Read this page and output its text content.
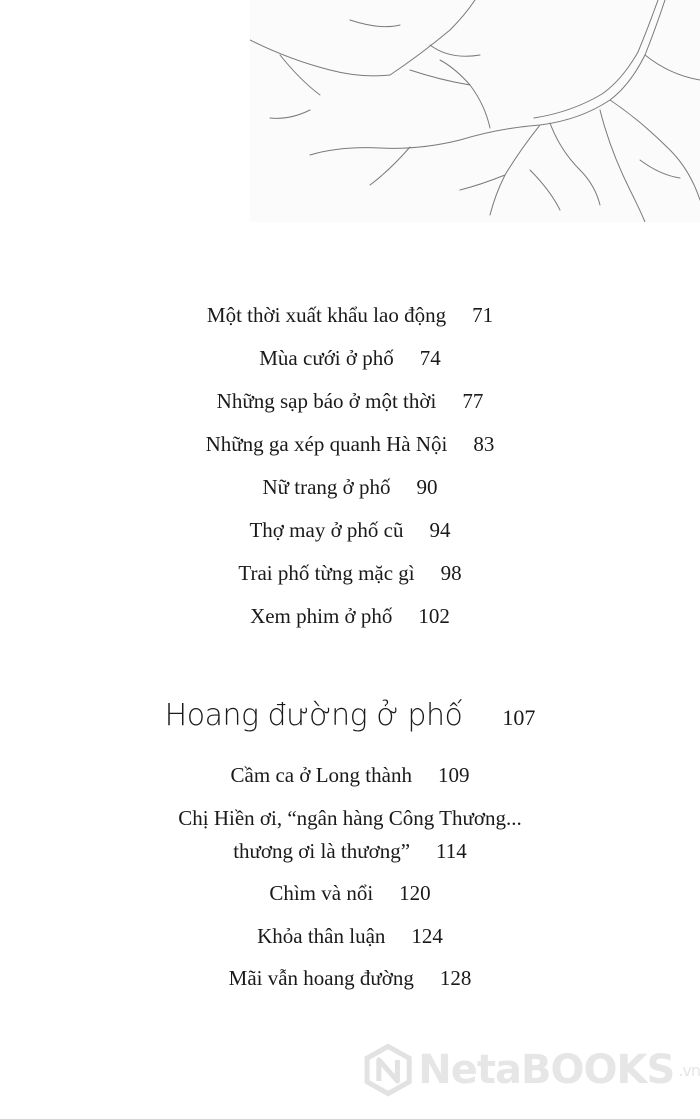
Một thời xuất khẩu lao động 71
Mùa cưới ở phố 74
Những sạp báo ở một thời 77
Những ga xép quanh Hà Nội 83
Nữ trang ở phố 90
Thợ may ở phố cũ 94
Trai phố từng mặc gì 98
Xem phim ở phố 102
Hoang đường ở phố 107
Cầm ca ở Long thành 109
Chị Hiền ơi, “ngân hàng Công Thương...
thương ơi là thương” 114
Chìm và nổi 120
Khỏa thân luận 124
Mãi vẫn hoang đường 128
NetaBOOKS .vn
